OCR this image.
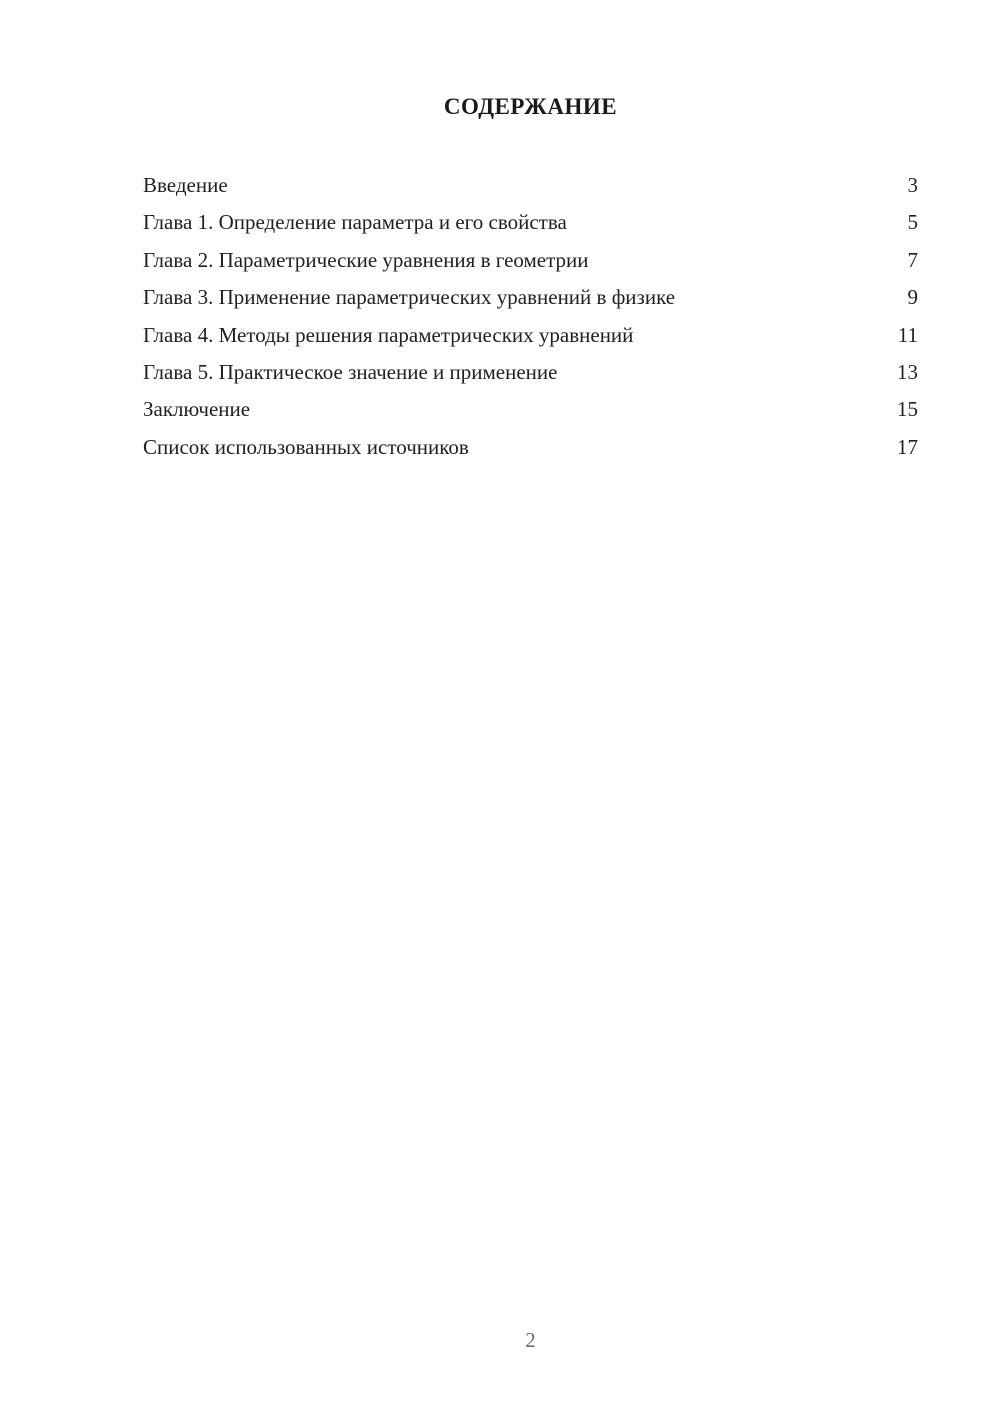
СОДЕРЖАНИЕ
Введение	3
Глава 1. Определение параметра и его свойства	5
Глава 2. Параметрические уравнения в геометрии	7
Глава 3. Применение параметрических уравнений в физике	9
Глава 4. Методы решения параметрических уравнений	11
Глава 5. Практическое значение и применение	13
Заключение	15
Список использованных источников	17
2
